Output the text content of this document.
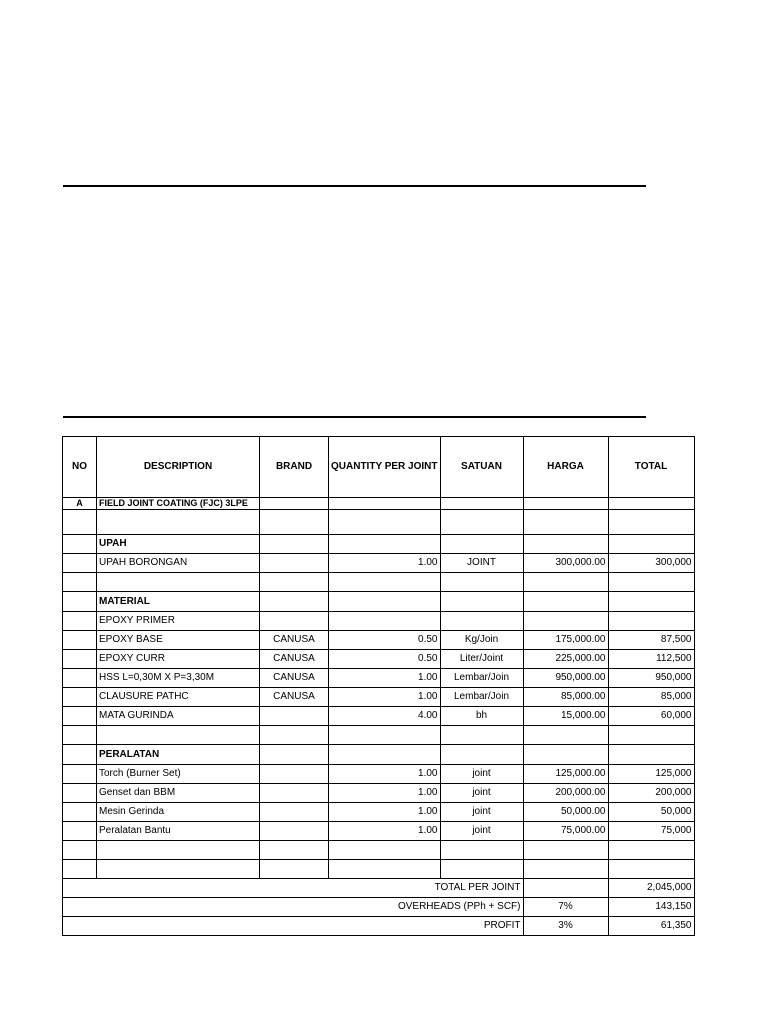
NO	DESCRIPTION	BRAND	QUANTITY PER JOINT	SATUAN	HARGA	TOTAL
A	FIELD JOINT COATING (FJC) 3LPE					

	UPAH					
	UPAH BORONGAN		1.00	JOINT	300,000.00	300,000

	MATERIAL					
	EPOXY PRIMER					
	EPOXY BASE	CANUSA	0.50	Kg/Join	175,000.00	87,500
	EPOXY CURR	CANUSA	0.50	Liter/Joint	225,000.00	112,500
	HSS L=0,30M X P=3,30M	CANUSA	1.00	Lembar/Join	950,000.00	950,000
	CLAUSURE PATHC	CANUSA	1.00	Lembar/Join	85,000.00	85,000
	MATA GURINDA		4.00	bh	15,000.00	60,000

	PERALATAN					
	Torch (Burner Set)		1.00	joint	125,000.00	125,000
	Genset dan BBM		1.00	joint	200,000.00	200,000
	Mesin Gerinda		1.00	joint	50,000.00	50,000
	Peralatan Bantu		1.00	joint	75,000.00	75,000

TOTAL PER JOINT						2,045,000
OVERHEADS (PPh + SCF)					7%	143,150
PROFIT					3%	61,350
